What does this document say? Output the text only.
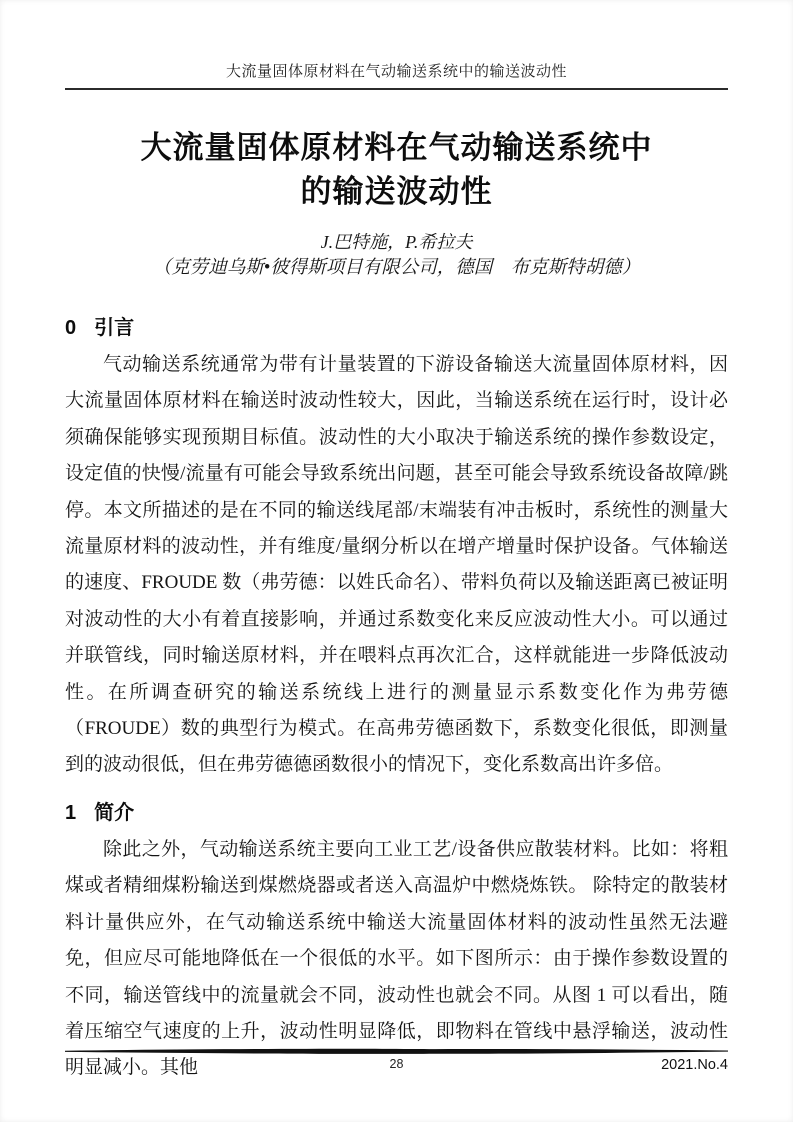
大流量固体原材料在气动输送系统中的输送波动性
大流量固体原材料在气动输送系统中
的输送波动性
J.巴特施，P.希拉夫
（克劳迪乌斯•彼得斯项目有限公司，德国　布克斯特胡德）
0 引言

气动输送系统通常为带有计量装置的下游设备输送大流量固体原材料，因大流量固体原材料在输送时波动性较大，因此，当输送系统在运行时，设计必须确保能够实现预期目标值。波动性的大小取决于输送系统的操作参数设定，设定值的快慢/流量有可能会导致系统出问题，甚至可能会导致系统设备故障/跳停。本文所描述的是在不同的输送线尾部/末端装有冲击板时，系统性的测量大流量原材料的波动性，并有维度/量纲分析以在增产增量时保护设备。气体输送的速度、FROUDE 数（弗劳德：以姓氏命名）、带料负荷以及输送距离已被证明对波动性的大小有着直接影响，并通过系数变化来反应波动性大小。可以通过并联管线，同时输送原材料，并在喂料点再次汇合，这样就能进一步降低波动性。在所调查研究的输送系统线上进行的测量显示系数变化作为弗劳德（FROUDE）数的典型行为模式。在高弗劳德函数下，系数变化很低，即测量到的波动很低，但在弗劳德德函数很小的情况下，变化系数高出许多倍。

1 简介

除此之外，气动输送系统主要向工业工艺/设备供应散装材料。比如：将粗煤或者精细煤粉输送到煤燃烧器或者送入高温炉中燃烧炼铁。 除特定的散装材料计量供应外，在气动输送系统中输送大流量固体材料的波动性虽然无法避免，但应尽可能地降低在一个很低的水平。如下图所示：由于操作参数设置的不同，输送管线中的流量就会不同，波动性也就会不同。从图 1 可以看出，随着压缩空气速度的上升，波动性明显降低，即物料在管线中悬浮输送，波动性明显减小。其他	28	2021.No.4
